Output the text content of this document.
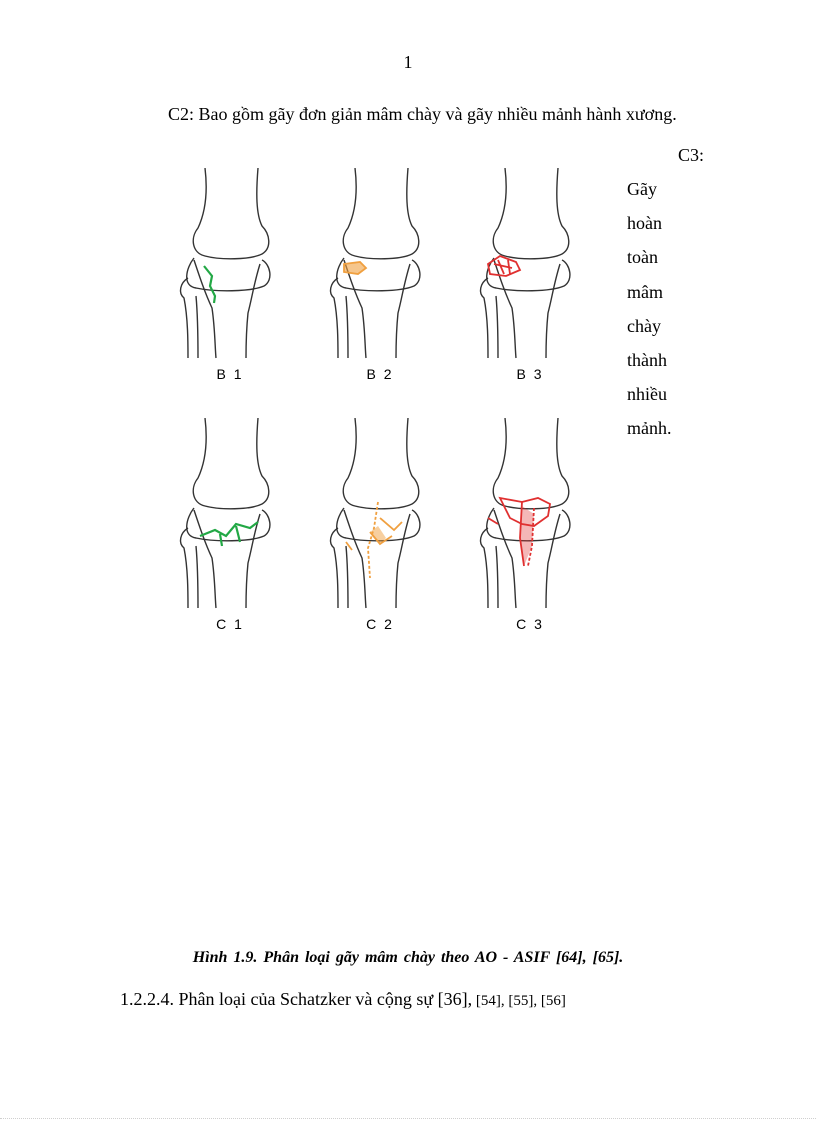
1
C2: Bao gồm gãy đơn giản mâm chày và gãy nhiều mảnh hành xương.
C3:
Gãy
hoàn
toàn
mâm
chày
thành
nhiều
mảnh.
B 1	B 2	B 3
C 1	C 2	C 3
Hình 1.9. Phân loại gãy mâm chày theo AO - ASIF [64], [65].
1.2.2.4. Phân loại của Schatzker và cộng sự [36], [54], [55], [56]
